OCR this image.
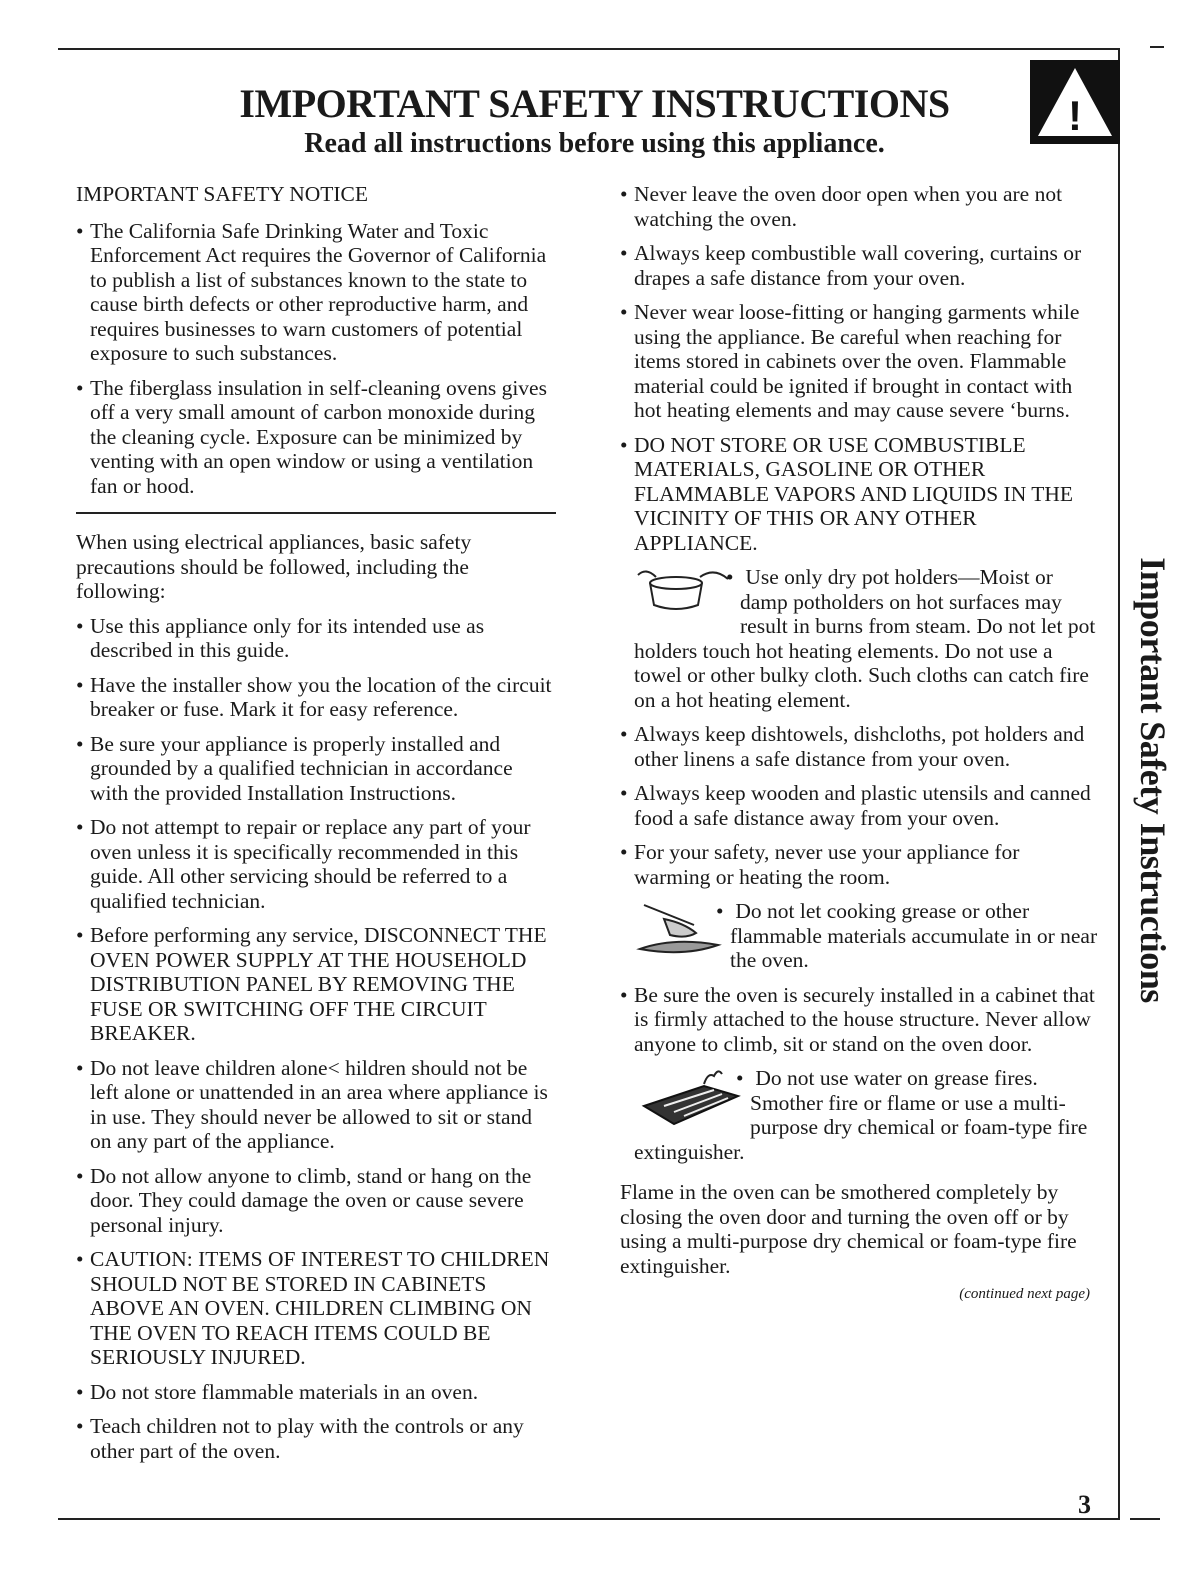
IMPORTANT SAFETY INSTRUCTIONS
Read all instructions before using this appliance.
!

IMPORTANT SAFETY NOTICE

• The California Safe Drinking Water and Toxic Enforcement Act requires the Governor of California to publish a list of substances known to the state to cause birth defects or other reproductive harm, and requires businesses to warn customers of potential exposure to such substances.

• The fiberglass insulation in self-cleaning ovens gives off a very small amount of carbon monoxide during the cleaning cycle. Exposure can be minimized by venting with an open window or using a ventilation fan or hood.

When using electrical appliances, basic safety precautions should be followed, including the following:

• Use this appliance only for its intended use as described in this guide.

• Have the installer show you the location of the circuit breaker or fuse. Mark it for easy reference.

• Be sure your appliance is properly installed and grounded by a qualified technician in accordance with the provided Installation Instructions.

• Do not attempt to repair or replace any part of your oven unless it is specifically recommended in this guide. All other servicing should be referred to a qualified technician.

• Before performing any service, DISCONNECT THE OVEN POWER SUPPLY AT THE HOUSEHOLD DISTRIBUTION PANEL BY REMOVING THE FUSE OR SWITCHING OFF THE CIRCUIT BREAKER.

• Do not leave children alone< hildren should not be left alone or unattended in an area where appliance is in use. They should never be allowed to sit or stand on any part of the appliance.

• Do not allow anyone to climb, stand or hang on the door. They could damage the oven or cause severe personal injury.

• CAUTION: ITEMS OF INTEREST TO CHILDREN SHOULD NOT BE STORED IN CABINETS ABOVE AN OVEN. CHILDREN CLIMBING ON THE OVEN TO REACH ITEMS COULD BE SERIOUSLY INJURED.

• Do not store flammable materials in an oven.

• Teach children not to play with the controls or any other part of the oven.

• Never leave the oven door open when you are not watching the oven.

• Always keep combustible wall covering, curtains or drapes a safe distance from your oven.

• Never wear loose-fitting or hanging garments while using the appliance. Be careful when reaching for items stored in cabinets over the oven. Flammable material could be ignited if brought in contact with hot heating elements and may cause severe ‘burns.

• DO NOT STORE OR USE COMBUSTIBLE MATERIALS, GASOLINE OR OTHER FLAMMABLE VAPORS AND LIQUIDS IN THE VICINITY OF THIS OR ANY OTHER APPLIANCE.

• Use only dry pot holders—Moist or damp potholders on hot surfaces may result in burns from steam. Do not let pot holders touch hot heating elements. Do not use a towel or other bulky cloth. Such cloths can catch fire on a hot heating element.

• Always keep dishtowels, dishcloths, pot holders and other linens a safe distance from your oven.

• Always keep wooden and plastic utensils and canned food a safe distance away from your oven.

• For your safety, never use your appliance for warming or heating the room.

• Do not let cooking grease or other flammable materials accumulate in or near the oven.

• Be sure the oven is securely installed in a cabinet that is firmly attached to the house structure. Never allow anyone to climb, sit or stand on the oven door.

• Do not use water on grease fires. Smother fire or flame or use a multi-purpose dry chemical or foam-type fire extinguisher.

Flame in the oven can be smothered completely by closing the oven door and turning the oven off or by using a multi-purpose dry chemical or foam-type fire extinguisher.

(continued next page)
Important Safety Instructions
3
